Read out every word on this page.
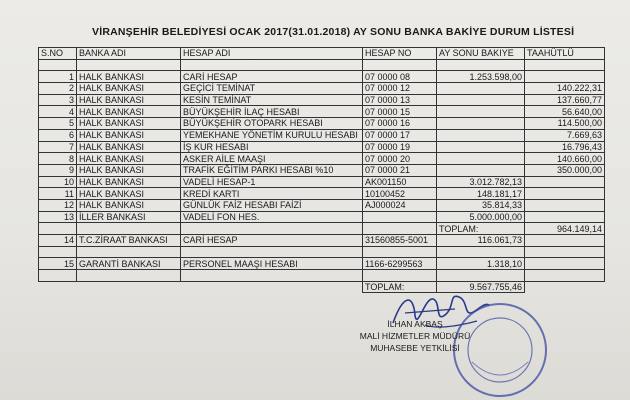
VİRANŞEHİR BELEDİYESİ OCAK 2017(31.01.2018) AY SONU BANKA BAKİYE DURUM LİSTESİ
S.NO	BANKA ADI	HESAP ADI	HESAP NO	AY SONU BAKIYE	TAAHÜTLÜ

1	HALK BANKASI	CARİ HESAP	07 0000 08	1.253.598,00	
2	HALK BANKASI	GEÇİCİ TEMİNAT	07 0000 12		140.222,31
3	HALK BANKASI	KESİN TEMİNAT	07 0000 13		137.660,77
4	HALK BANKASI	BÜYÜKŞEHİR İLAÇ HESABI	07 0000 15		56.640,00
5	HALK BANKASI	BÜYÜKŞEHİR OTOPARK HESABI	07 0000 16		114.500,00
6	HALK BANKASI	YEMEKHANE YÖNETİM KURULU HESABI	07 0000 17		7.669,63
7	HALK BANKASI	İŞ KUR HESABI	07 0000 19		16.796,43
8	HALK BANKASI	ASKER AİLE MAAŞI	07 0000 20		140.660,00
9	HALK BANKASI	TRAFİK EĞİTİM PARKI HESABI %10	07 0000 21		350.000,00
10	HALK BANKASI	VADELİ HESAP-1	AK001150	3.012.782,13	
11	HALK BANKASI	KREDİ KARTI	10100452	148.181,17	
12	HALK BANKASI	GÜNLÜK FAİZ HESABI FAİZİ	AJ000024	35.814,33	
13	İLLER BANKASI	VADELİ FON HES.		5.000.000,00	
				TOPLAM:	964.149,14
14	T.C.ZİRAAT BANKASI	CARİ HESAP	31560855-5001	116.061,73	

15	GARANTİ BANKASI	PERSONEL MAAŞI HESABI	1166-6299563	1.318,10	

			TOPLAM:	9.567.755,46	
İLHAN AKBAŞ
MALİ HİZMETLER MÜDÜRÜ
MUHASEBE YETKİLİSİ
